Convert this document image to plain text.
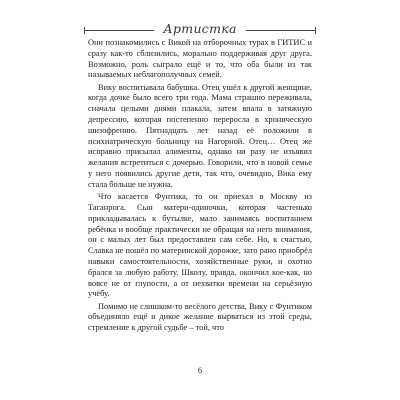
Артистка

Они познакомились с Викой на отборочных турах в ГИТИС и сразу как-то сблизились, морально поддерживая друг друга. Возможно, роль сыграло ещё и то, что оба были из так называемых неблагополучных семей.

Вику воспитывала бабушка. Отец ушёл к другой женщине, когда дочке было всего три года. Мама страшно переживала, сначала целыми днями плакала, затем впала в затяжную депрессию, которая постепенно переросла в хроническую шизофрению. Пятнадцать лет назад её положили в психиатрическую больницу на Нагорной. Отец… Отец же исправно присылал алименты, однако ни разу не изъявил желания встретиться с дочерью. Говорили, что в новой семье у него появились другие дети, так что, очевидно, Вика ему стала больше не нужна.

Что касается Фунтика, то он приехал в Москву из Таганрога. Сын матери-одиночки, которая частенько прикладывалась к бутылке, мало занимаясь воспитанием ребёнка и вообще практически не обращая на него внимания, он с малых лет был предоставлен сам себе. Но, к счастью, Славка не пошёл по материнской дорожке, зато рано приобрёл навыки самостоятельности, хозяйственные руки, и охотно брался за любую работу. Школу, правда, окончил кое-как, но вовсе не от глупости, а от нехватки времени на серьёзную учёбу.

Помимо не слишком-то весёлого детства, Вику с Фунтиком объединяло ещё и дикое желание вырваться из этой среды, стремление к другой судьбе – той, что

6
